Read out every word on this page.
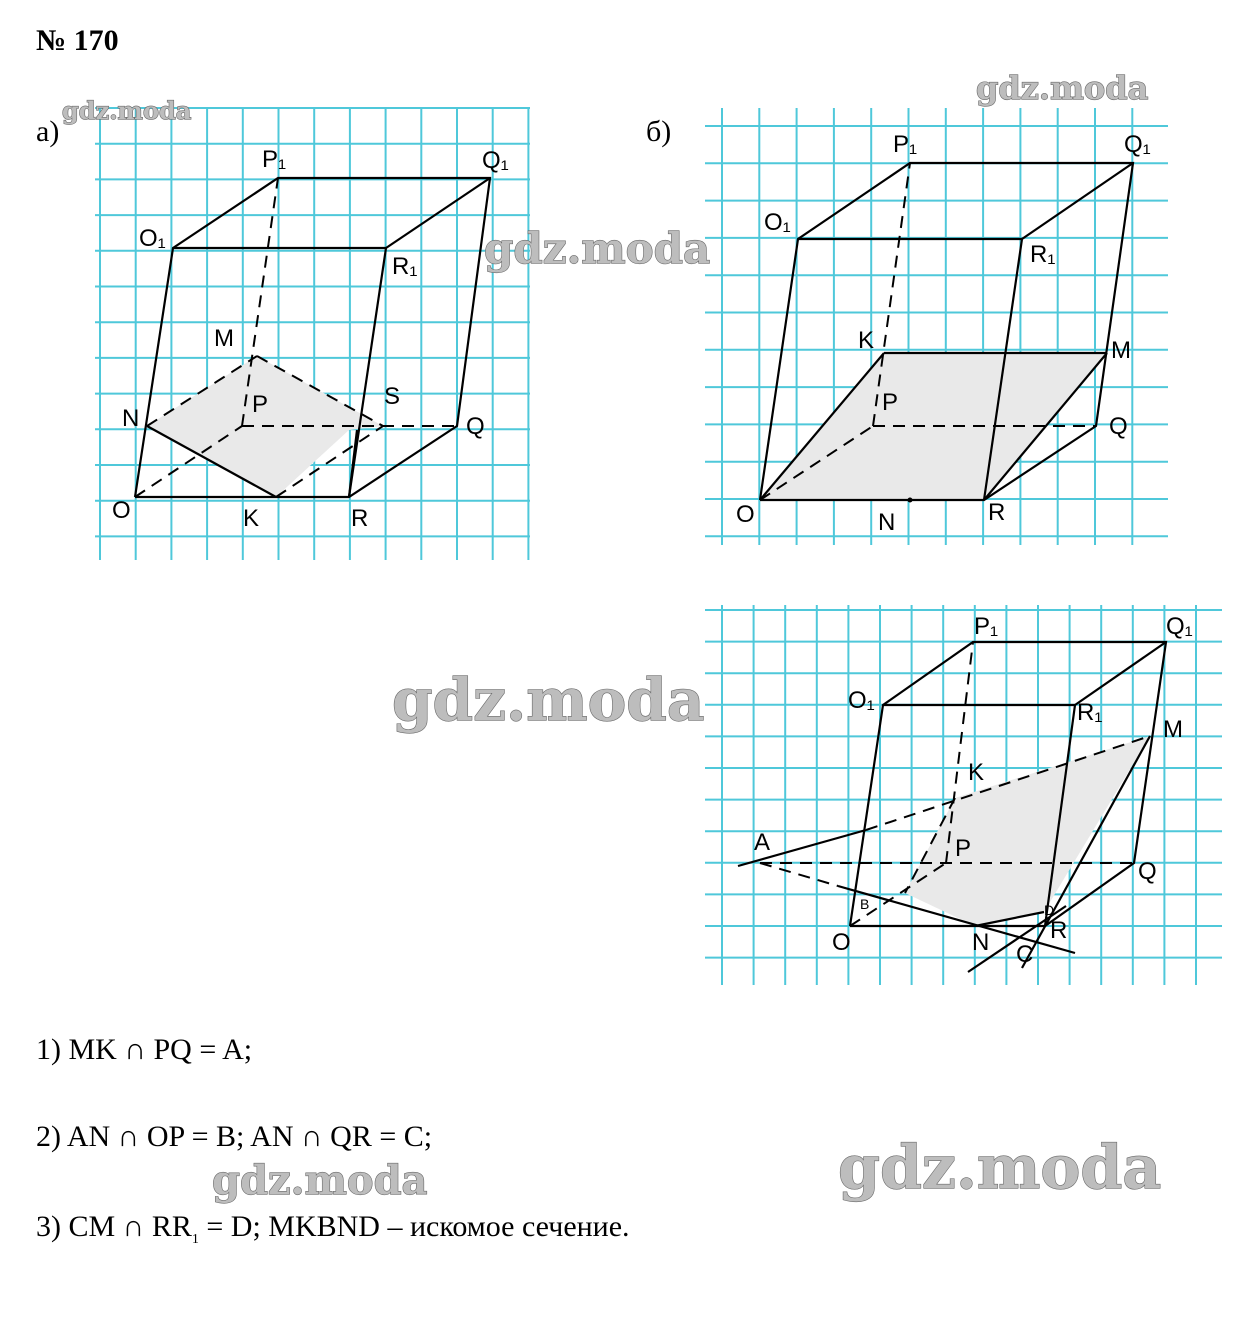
№ 170
gdz.moda
gdz.moda
gdz.moda
gdz.moda
gdz.moda
gdz.moda
O	K	R
Q
P
N
M
S
O₁
R₁
Q₁
P₁
O	N	R
Q
P
K	M
O₁
R₁
Q₁
P₁
O	N	R
C
D
B
Q
P
A
K
M
O₁	R₁
Q₁
P₁
а)	б)
1) MK ∩ PQ = A;
2) AN ∩ OP = B; AN ∩ QR = C;
3) CM ∩ $RR_1 = D$; MKBND – искомое сечение.
